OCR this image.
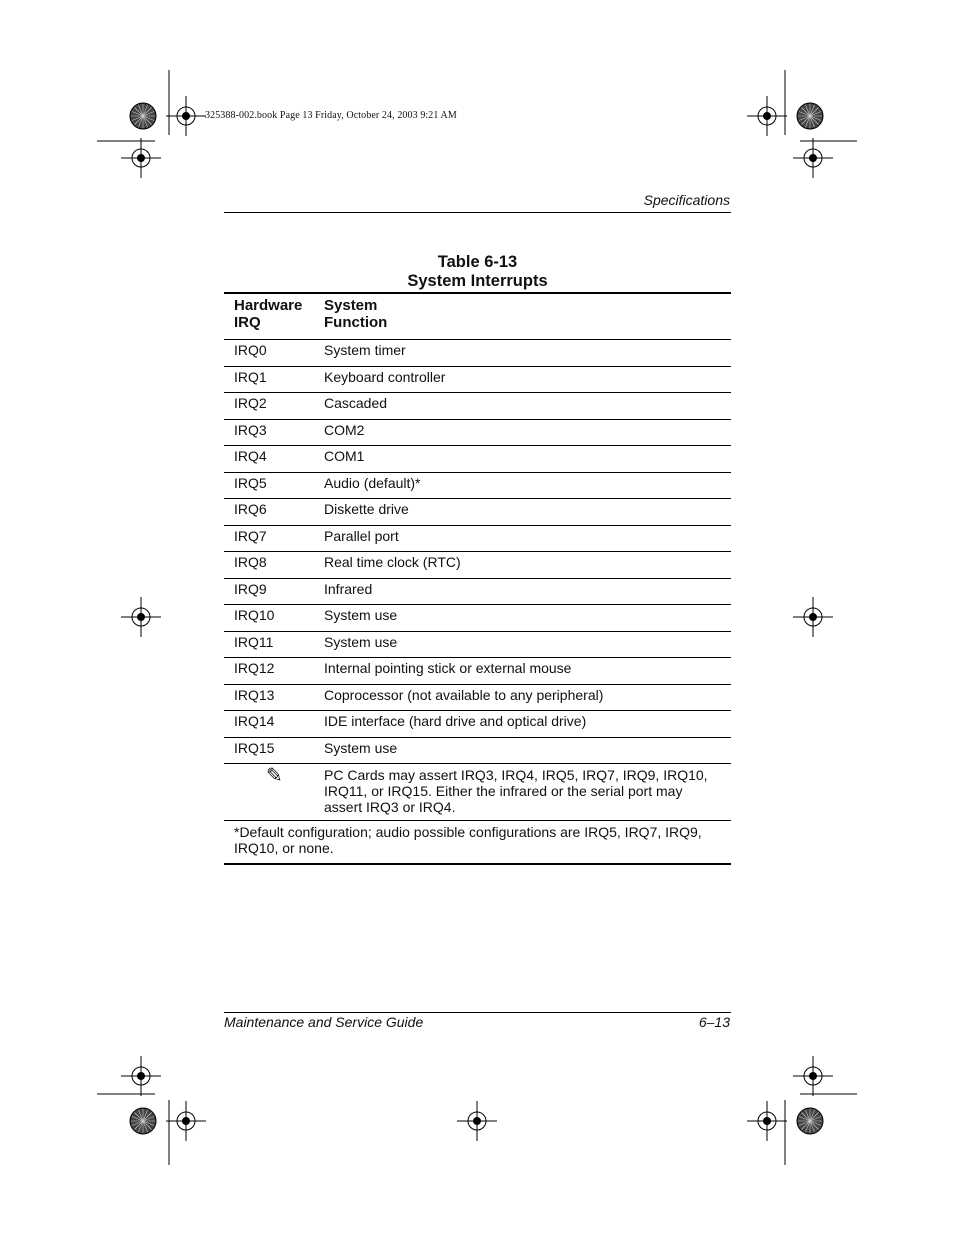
325388-002.book Page 13 Friday, October 24, 2003 9:21 AM
Specifications
Table 6-13
System Interrupts
Hardware
IRQ	System
Function
IRQ0	System timer
IRQ1	Keyboard controller
IRQ2	Cascaded
IRQ3	COM2
IRQ4	COM1
IRQ5	Audio (default)*
IRQ6	Diskette drive
IRQ7	Parallel port
IRQ8	Real time clock (RTC)
IRQ9	Infrared
IRQ10	System use
IRQ11	System use
IRQ12	Internal pointing stick or external mouse
IRQ13	Coprocessor (not available to any peripheral)
IRQ14	IDE interface (hard drive and optical drive)
IRQ15	System use
✎	PC Cards may assert IRQ3, IRQ4, IRQ5, IRQ7, IRQ9, IRQ10,
IRQ11, or IRQ15. Either the infrared or the serial port may
assert IRQ3 or IRQ4.
*Default configuration; audio possible configurations are IRQ5, IRQ7, IRQ9,
IRQ10, or none.	
Maintenance and Service Guide	6–13
